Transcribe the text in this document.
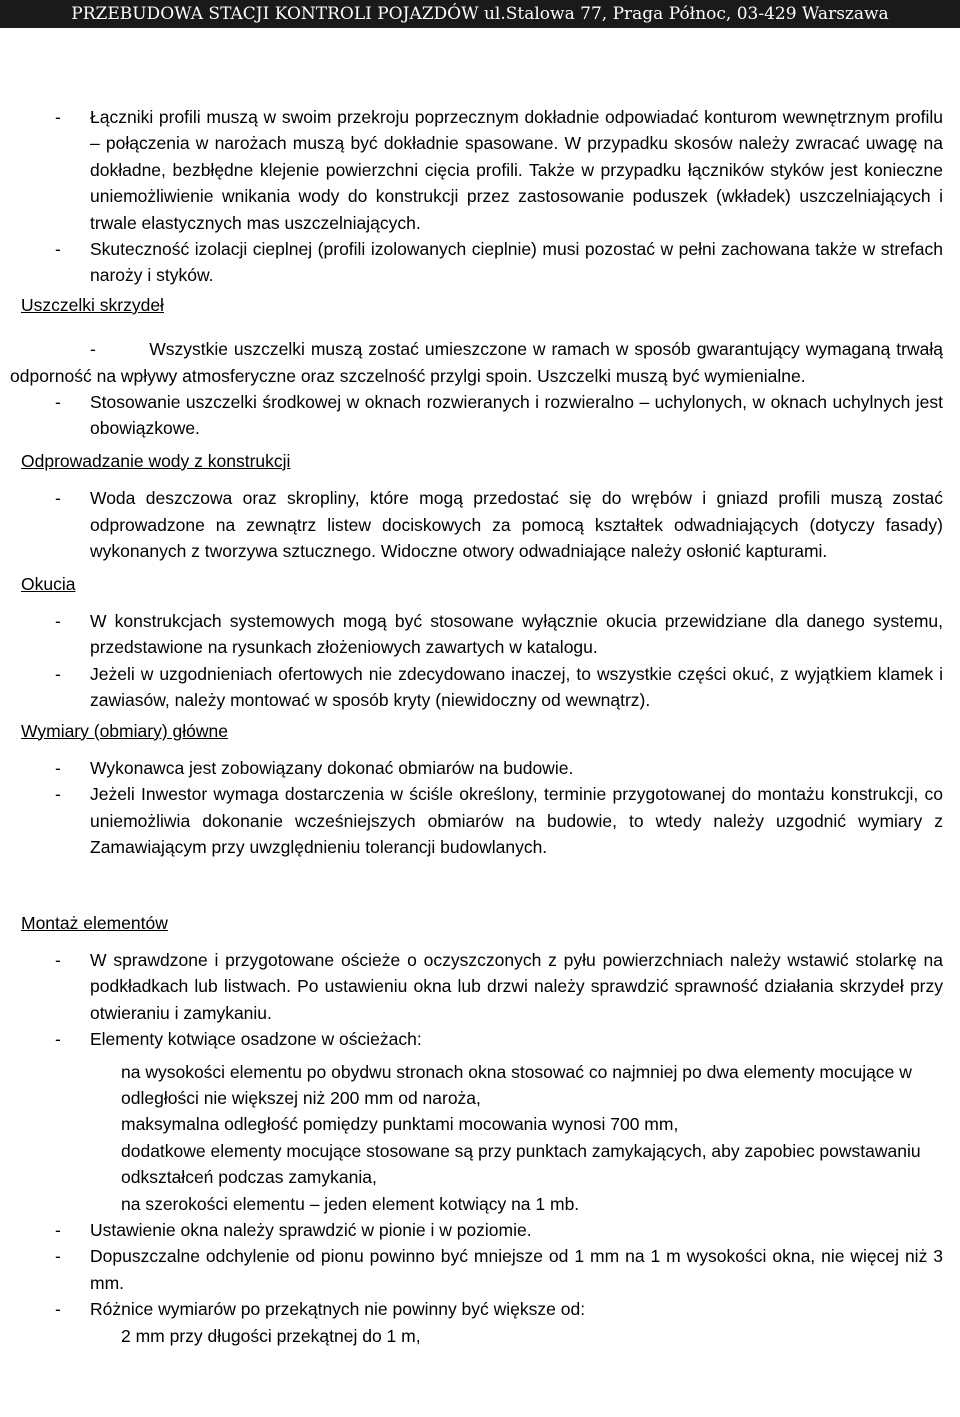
PRZEBUDOWA STACJI KONTROLI POJAZDÓW ul.Stalowa 77, Praga Północ, 03-429 Warszawa
- Łączniki profili muszą w swoim przekroju poprzecznym dokładnie odpowiadać konturom wewnętrznym profilu – połączenia w narożach muszą być dokładnie spasowane. W przypadku skosów należy zwracać uwagę na dokładne, bezbłędne klejenie powierzchni cięcia profili. Także w przypadku łączników styków jest konieczne uniemożliwienie wnikania wody do konstrukcji przez zastosowanie poduszek (wkładek) uszczelniających i trwale elastycznych mas uszczelniających.
- Skuteczność izolacji cieplnej (profili izolowanych cieplnie) musi pozostać w pełni zachowana także w strefach naroży i styków.
Uszczelki skrzydeł
-	Wszystkie uszczelki muszą zostać umieszczone w ramach w sposób gwarantujący wymaganą trwałą odporność na wpływy atmosferyczne oraz szczelność przylgi spoin. Uszczelki muszą być wymienialne.
- Stosowanie uszczelki środkowej w oknach rozwieranych i rozwieralno – uchylonych, w oknach uchylnych jest obowiązkowe.
Odprowadzanie wody z konstrukcji
- Woda deszczowa oraz skropliny, które mogą przedostać się do wrębów i gniazd profili muszą zostać odprowadzone na zewnątrz listew dociskowych za pomocą kształtek odwadniających (dotyczy fasady) wykonanych z tworzywa sztucznego. Widoczne otwory odwadniające należy osłonić kapturami.
Okucia
- W konstrukcjach systemowych mogą być stosowane wyłącznie okucia przewidziane dla danego systemu, przedstawione na rysunkach złożeniowych zawartych w katalogu.
- Jeżeli w uzgodnieniach ofertowych nie zdecydowano inaczej, to wszystkie części okuć, z wyjątkiem klamek i zawiasów, należy montować w sposób kryty (niewidoczny od wewnątrz).
Wymiary (obmiary) główne
- Wykonawca jest zobowiązany dokonać obmiarów na budowie.
- Jeżeli Inwestor wymaga dostarczenia w ściśle określony, terminie przygotowanej do montażu konstrukcji, co uniemożliwia dokonanie wcześniejszych obmiarów na budowie, to wtedy należy uzgodnić wymiary z Zamawiającym przy uwzględnieniu tolerancji budowlanych.
Montaż elementów
- W sprawdzone i przygotowane ościeże o oczyszczonych z pyłu powierzchniach należy wstawić stolarkę na podkładkach lub listwach. Po ustawieniu okna lub drzwi należy sprawdzić sprawność działania skrzydeł przy otwieraniu i zamykaniu.
- Elementy kotwiące osadzone w ościeżach:
na wysokości elementu po obydwu stronach okna stosować co najmniej po dwa elementy mocujące w odległości nie większej niż 200 mm od naroża,
maksymalna odległość pomiędzy punktami mocowania wynosi 700 mm,
dodatkowe elementy mocujące stosowane są przy punktach zamykających, aby zapobiec powstawaniu odkształceń podczas zamykania,
na szerokości elementu – jeden element kotwiący na 1 mb.
- Ustawienie okna należy sprawdzić w pionie i w poziomie.
- Dopuszczalne odchylenie od pionu powinno być mniejsze od 1 mm na 1 m wysokości okna, nie więcej niż 3 mm.
- Różnice wymiarów po przekątnych nie powinny być większe od:
2 mm przy długości przekątnej do 1 m,
